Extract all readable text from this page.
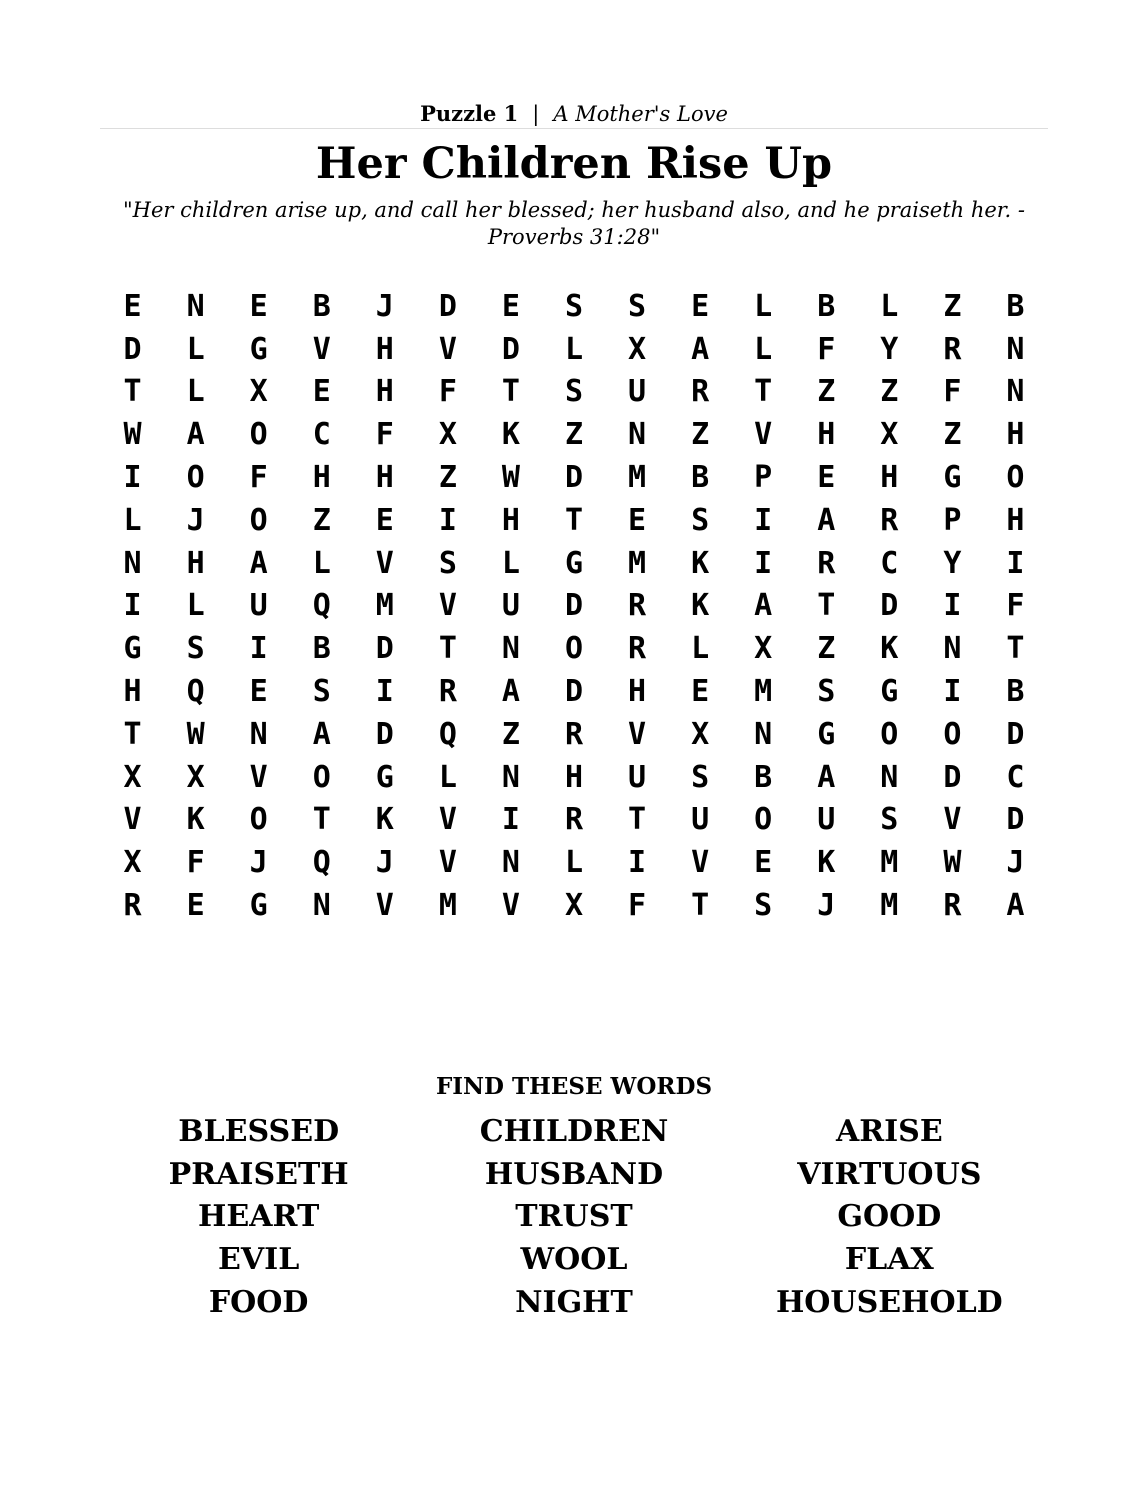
Puzzle 1 | A Mother's Love
Her Children Rise Up
"Her children arise up, and call her blessed; her husband also, and he praiseth her. - Proverbs 31:28"
E	N	E	B	J	D	E	S	S	E	L	B	L	Z	B
D	L	G	V	H	V	D	L	X	A	L	F	Y	R	N
T	L	X	E	H	F	T	S	U	R	T	Z	Z	F	N
W	A	O	C	F	X	K	Z	N	Z	V	H	X	Z	H
I	O	F	H	H	Z	W	D	M	B	P	E	H	G	O
L	J	O	Z	E	I	H	T	E	S	I	A	R	P	H
N	H	A	L	V	S	L	G	M	K	I	R	C	Y	I
I	L	U	Q	M	V	U	D	R	K	A	T	D	I	F
G	S	I	B	D	T	N	O	R	L	X	Z	K	N	T
H	Q	E	S	I	R	A	D	H	E	M	S	G	I	B
T	W	N	A	D	Q	Z	R	V	X	N	G	O	O	D
X	X	V	O	G	L	N	H	U	S	B	A	N	D	C
V	K	O	T	K	V	I	R	T	U	O	U	S	V	D
X	F	J	Q	J	V	N	L	I	V	E	K	M	W	J
R	E	G	N	V	M	V	X	F	T	S	J	M	R	A
FIND THESE WORDS
BLESSED	CHILDREN	ARISE
PRAISETH	HUSBAND	VIRTUOUS
HEART	TRUST	GOOD
EVIL	WOOL	FLAX
FOOD	NIGHT	HOUSEHOLD
